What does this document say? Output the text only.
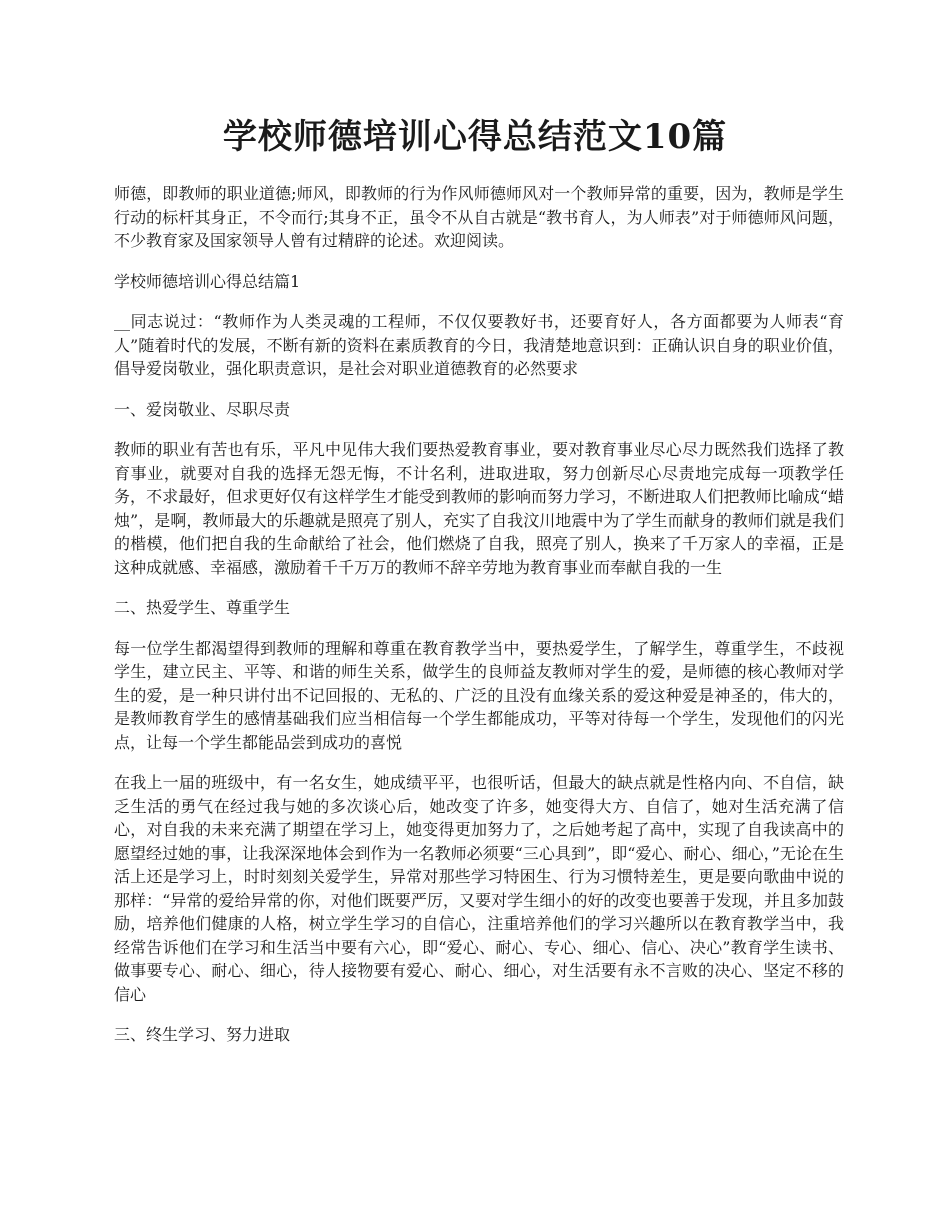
学校师德培训心得总结范文10篇

师德，即教师的职业道德;师风，即教师的行为作风师德师风对一个教师异常的重要，因为，教师是学生行动的标杆其身正，不令而行;其身不正，虽令不从自古就是“教书育人，为人师表”对于师德师风问题，不少教育家及国家领导人曾有过精辟的论述。欢迎阅读。

学校师德培训心得总结篇1

__同志说过：“教师作为人类灵魂的工程师，不仅仅要教好书，还要育好人，各方面都要为人师表“育人”随着时代的发展，不断有新的资料在素质教育的今日，我清楚地意识到：正确认识自身的职业价值，倡导爱岗敬业，强化职责意识，是社会对职业道德教育的必然要求

一、爱岗敬业、尽职尽责

教师的职业有苦也有乐，平凡中见伟大我们要热爱教育事业，要对教育事业尽心尽力既然我们选择了教育事业，就要对自我的选择无怨无悔，不计名利，进取进取，努力创新尽心尽责地完成每一项教学任务，不求最好，但求更好仅有这样学生才能受到教师的影响而努力学习，不断进取人们把教师比喻成“蜡烛”，是啊，教师最大的乐趣就是照亮了别人，充实了自我汶川地震中为了学生而献身的教师们就是我们的楷模，他们把自我的生命献给了社会，他们燃烧了自我，照亮了别人，换来了千万家人的幸福，正是这种成就感、幸福感，激励着千千万万的教师不辞辛劳地为教育事业而奉献自我的一生

二、热爱学生、尊重学生

每一位学生都渴望得到教师的理解和尊重在教育教学当中，要热爱学生，了解学生，尊重学生，不歧视学生，建立民主、平等、和谐的师生关系，做学生的良师益友教师对学生的爱，是师德的核心教师对学生的爱，是一种只讲付出不记回报的、无私的、广泛的且没有血缘关系的爱这种爱是神圣的，伟大的，是教师教育学生的感情基础我们应当相信每一个学生都能成功，平等对待每一个学生，发现他们的闪光点，让每一个学生都能品尝到成功的喜悦

在我上一届的班级中，有一名女生，她成绩平平，也很听话，但最大的缺点就是性格内向、不自信，缺乏生活的勇气在经过我与她的多次谈心后，她改变了许多，她变得大方、自信了，她对生活充满了信心，对自我的未来充满了期望在学习上，她变得更加努力了，之后她考起了高中，实现了自我读高中的愿望经过她的事，让我深深地体会到作为一名教师必须要“三心具到”，即“爱心、耐心、细心，”无论在生活上还是学习上，时时刻刻关爱学生，异常对那些学习特困生、行为习惯特差生，更是要向歌曲中说的那样：“异常的爱给异常的你，对他们既要严厉，又要对学生细小的好的改变也要善于发现，并且多加鼓励，培养他们健康的人格，树立学生学习的自信心，注重培养他们的学习兴趣所以在教育教学当中，我经常告诉他们在学习和生活当中要有六心，即“爱心、耐心、专心、细心、信心、决心”教育学生读书、做事要专心、耐心、细心，待人接物要有爱心、耐心、细心，对生活要有永不言败的决心、坚定不移的信心

三、终生学习、努力进取
